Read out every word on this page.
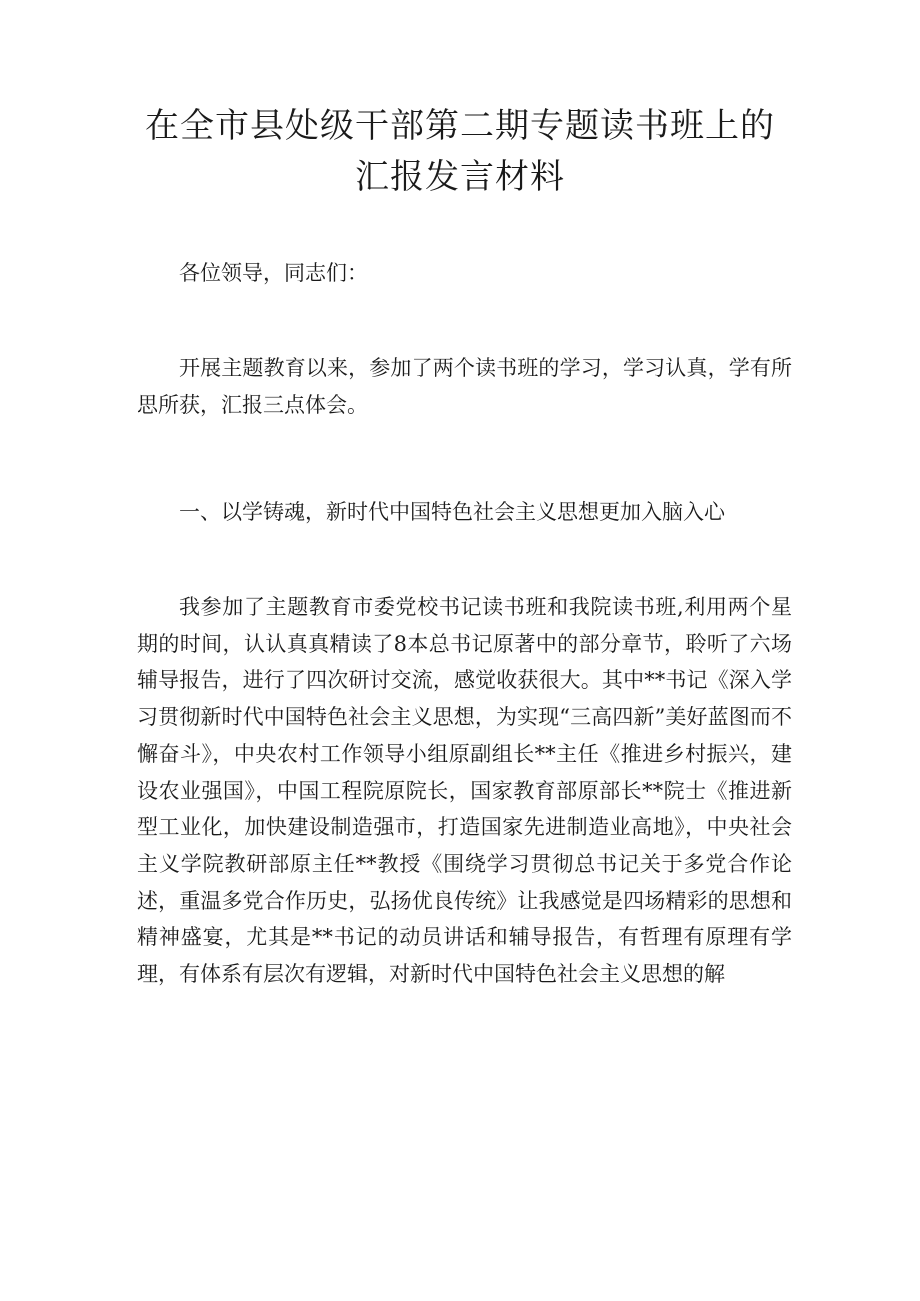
在全市县处级干部第二期专题读书班上的
汇报发言材料
各位领导，同志们：
开展主题教育以来，参加了两个读书班的学习，学习认真，学有所思所获，汇报三点体会。
一、以学铸魂，新时代中国特色社会主义思想更加入脑入心
我参加了主题教育市委党校书记读书班和我院读书班,利用两个星期的时间，认认真真精读了8本总书记原著中的部分章节，聆听了六场辅导报告，进行了四次研讨交流，感觉收获很大。其中**书记《深入学习贯彻新时代中国特色社会主义思想，为实现“三高四新”美好蓝图而不懈奋斗》，中央农村工作领导小组原副组长**主任《推进乡村振兴，建设农业强国》，中国工程院原院长，国家教育部原部长**院士《推进新型工业化，加快建设制造强市，打造国家先进制造业高地》，中央社会主义学院教研部原主任**教授《围绕学习贯彻总书记关于多党合作论述，重温多党合作历史，弘扬优良传统》让我感觉是四场精彩的思想和精神盛宴，尤其是**书记的动员讲话和辅导报告，有哲理有原理有学理，有体系有层次有逻辑，对新时代中国特色社会主义思想的解
